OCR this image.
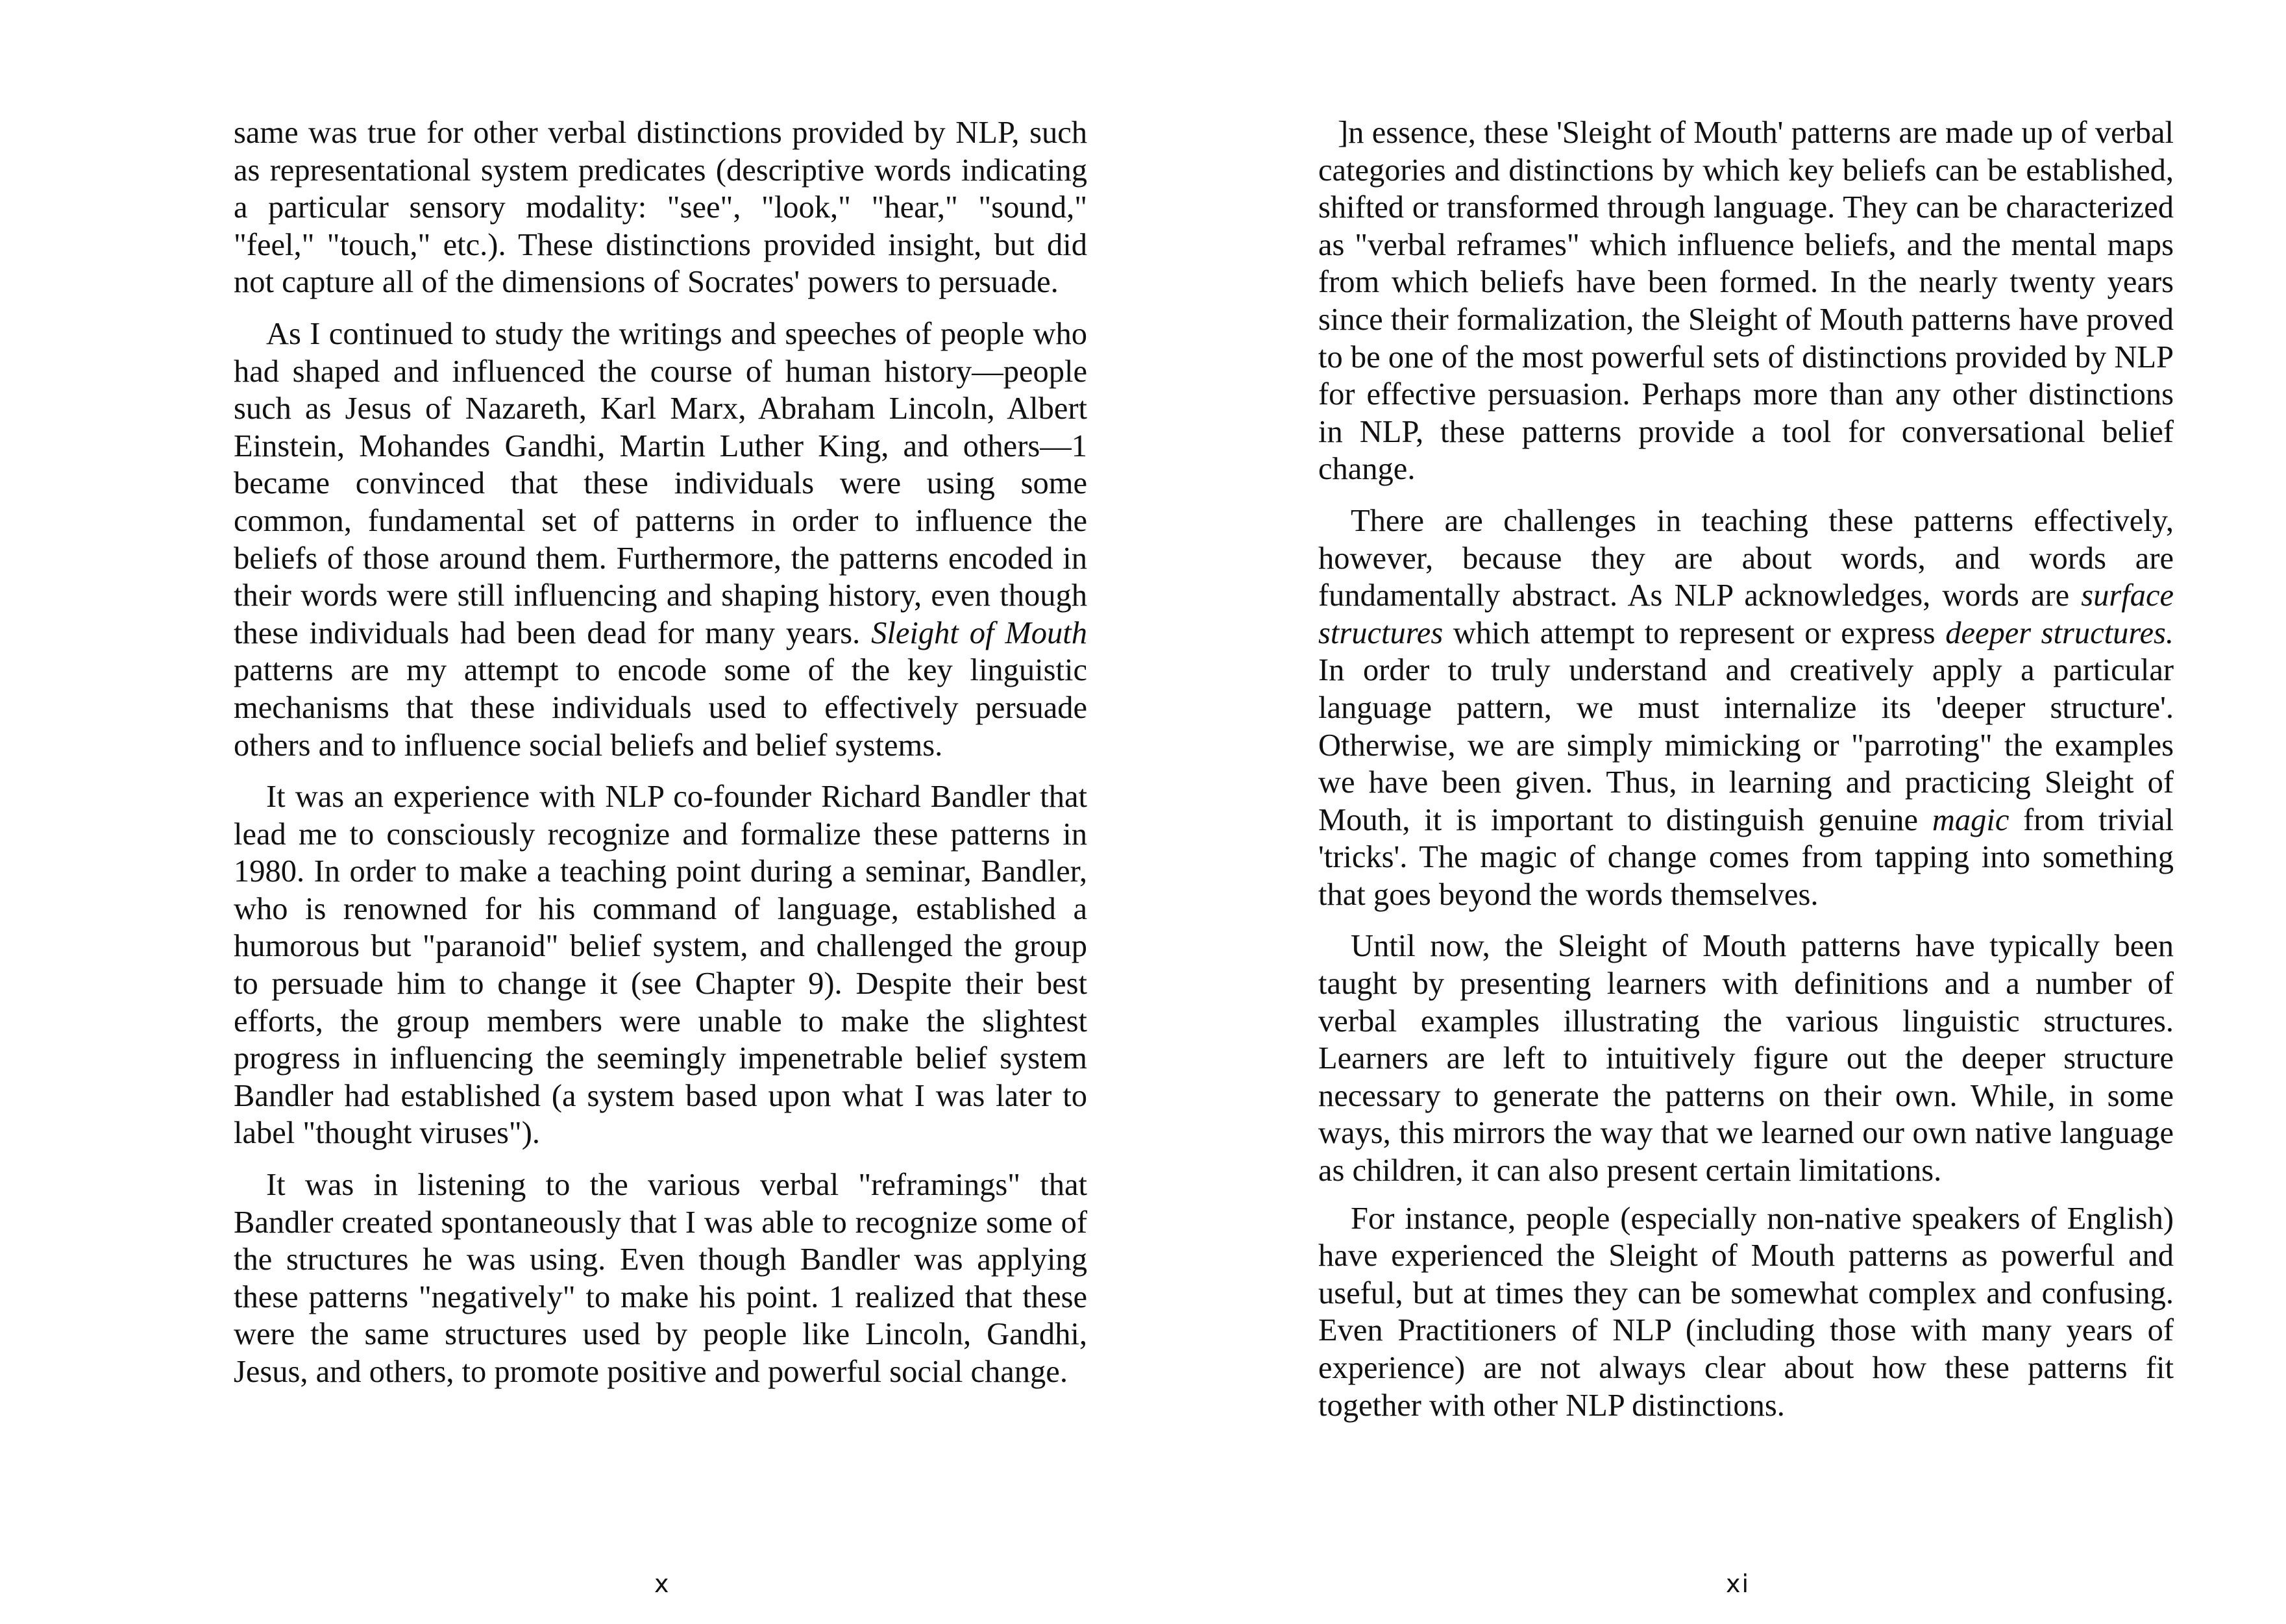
same was true for other verbal distinctions provided by NLP, such as representational system predicates (descriptive words indicating a particular sensory modality: "see", "look," "hear," "sound," "feel," "touch," etc.). These distinctions provided insight, but did not capture all of the dimensions of Socrates' powers to persuade.

As I continued to study the writings and speeches of people who had shaped and influenced the course of human history—people such as Jesus of Nazareth, Karl Marx, Abraham Lincoln, Albert Einstein, Mohandes Gandhi, Martin Luther King, and others—1 became convinced that these individuals were using some common, fundamental set of patterns in order to influence the beliefs of those around them. Furthermore, the patterns encoded in their words were still influencing and shaping history, even though these individuals had been dead for many years. Sleight of Mouth patterns are my attempt to encode some of the key linguistic mechanisms that these individuals used to effectively persuade others and to influence social beliefs and belief systems.

It was an experience with NLP co-founder Richard Bandler that lead me to consciously recognize and formalize these patterns in 1980. In order to make a teaching point during a seminar, Bandler, who is renowned for his command of language, established a humorous but "paranoid" belief system, and challenged the group to persuade him to change it (see Chapter 9). Despite their best efforts, the group members were unable to make the slightest progress in influencing the seemingly impenetrable belief system Bandler had established (a system based upon what I was later to label "thought viruses").

It was in listening to the various verbal "reframings" that Bandler created spontaneously that I was able to recognize some of the structures he was using. Even though Bandler was applying these patterns "negatively" to make his point. 1 realized that these were the same structures used by people like Lincoln, Gandhi, Jesus, and others, to promote positive and powerful social change.

x

]n essence, these 'Sleight of Mouth' patterns are made up of verbal categories and distinctions by which key beliefs can be established, shifted or transformed through language. They can be characterized as "verbal reframes" which influence beliefs, and the mental maps from which beliefs have been formed. In the nearly twenty years since their formalization, the Sleight of Mouth patterns have proved to be one of the most powerful sets of distinctions provided by NLP for effective persuasion. Perhaps more than any other distinctions in NLP, these patterns provide a tool for conversational belief change.

There are challenges in teaching these patterns effectively, however, because they are about words, and words are fundamentally abstract. As NLP acknowledges, words are surface structures which attempt to represent or express deeper structures. In order to truly understand and creatively apply a particular language pattern, we must internalize its 'deeper structure'. Otherwise, we are simply mimicking or "parroting" the examples we have been given. Thus, in learning and practicing Sleight of Mouth, it is important to distinguish genuine magic from trivial 'tricks'. The magic of change comes from tapping into something that goes beyond the words themselves.

Until now, the Sleight of Mouth patterns have typically been taught by presenting learners with definitions and a number of verbal examples illustrating the various linguistic structures. Learners are left to intuitively figure out the deeper structure necessary to generate the patterns on their own. While, in some ways, this mirrors the way that we learned our own native language as children, it can also present certain limitations.

For instance, people (especially non-native speakers of English) have experienced the Sleight of Mouth patterns as powerful and useful, but at times they can be somewhat complex and confusing. Even Practitioners of NLP (including those with many years of experience) are not always clear about how these patterns fit together with other NLP distinctions.

xi
